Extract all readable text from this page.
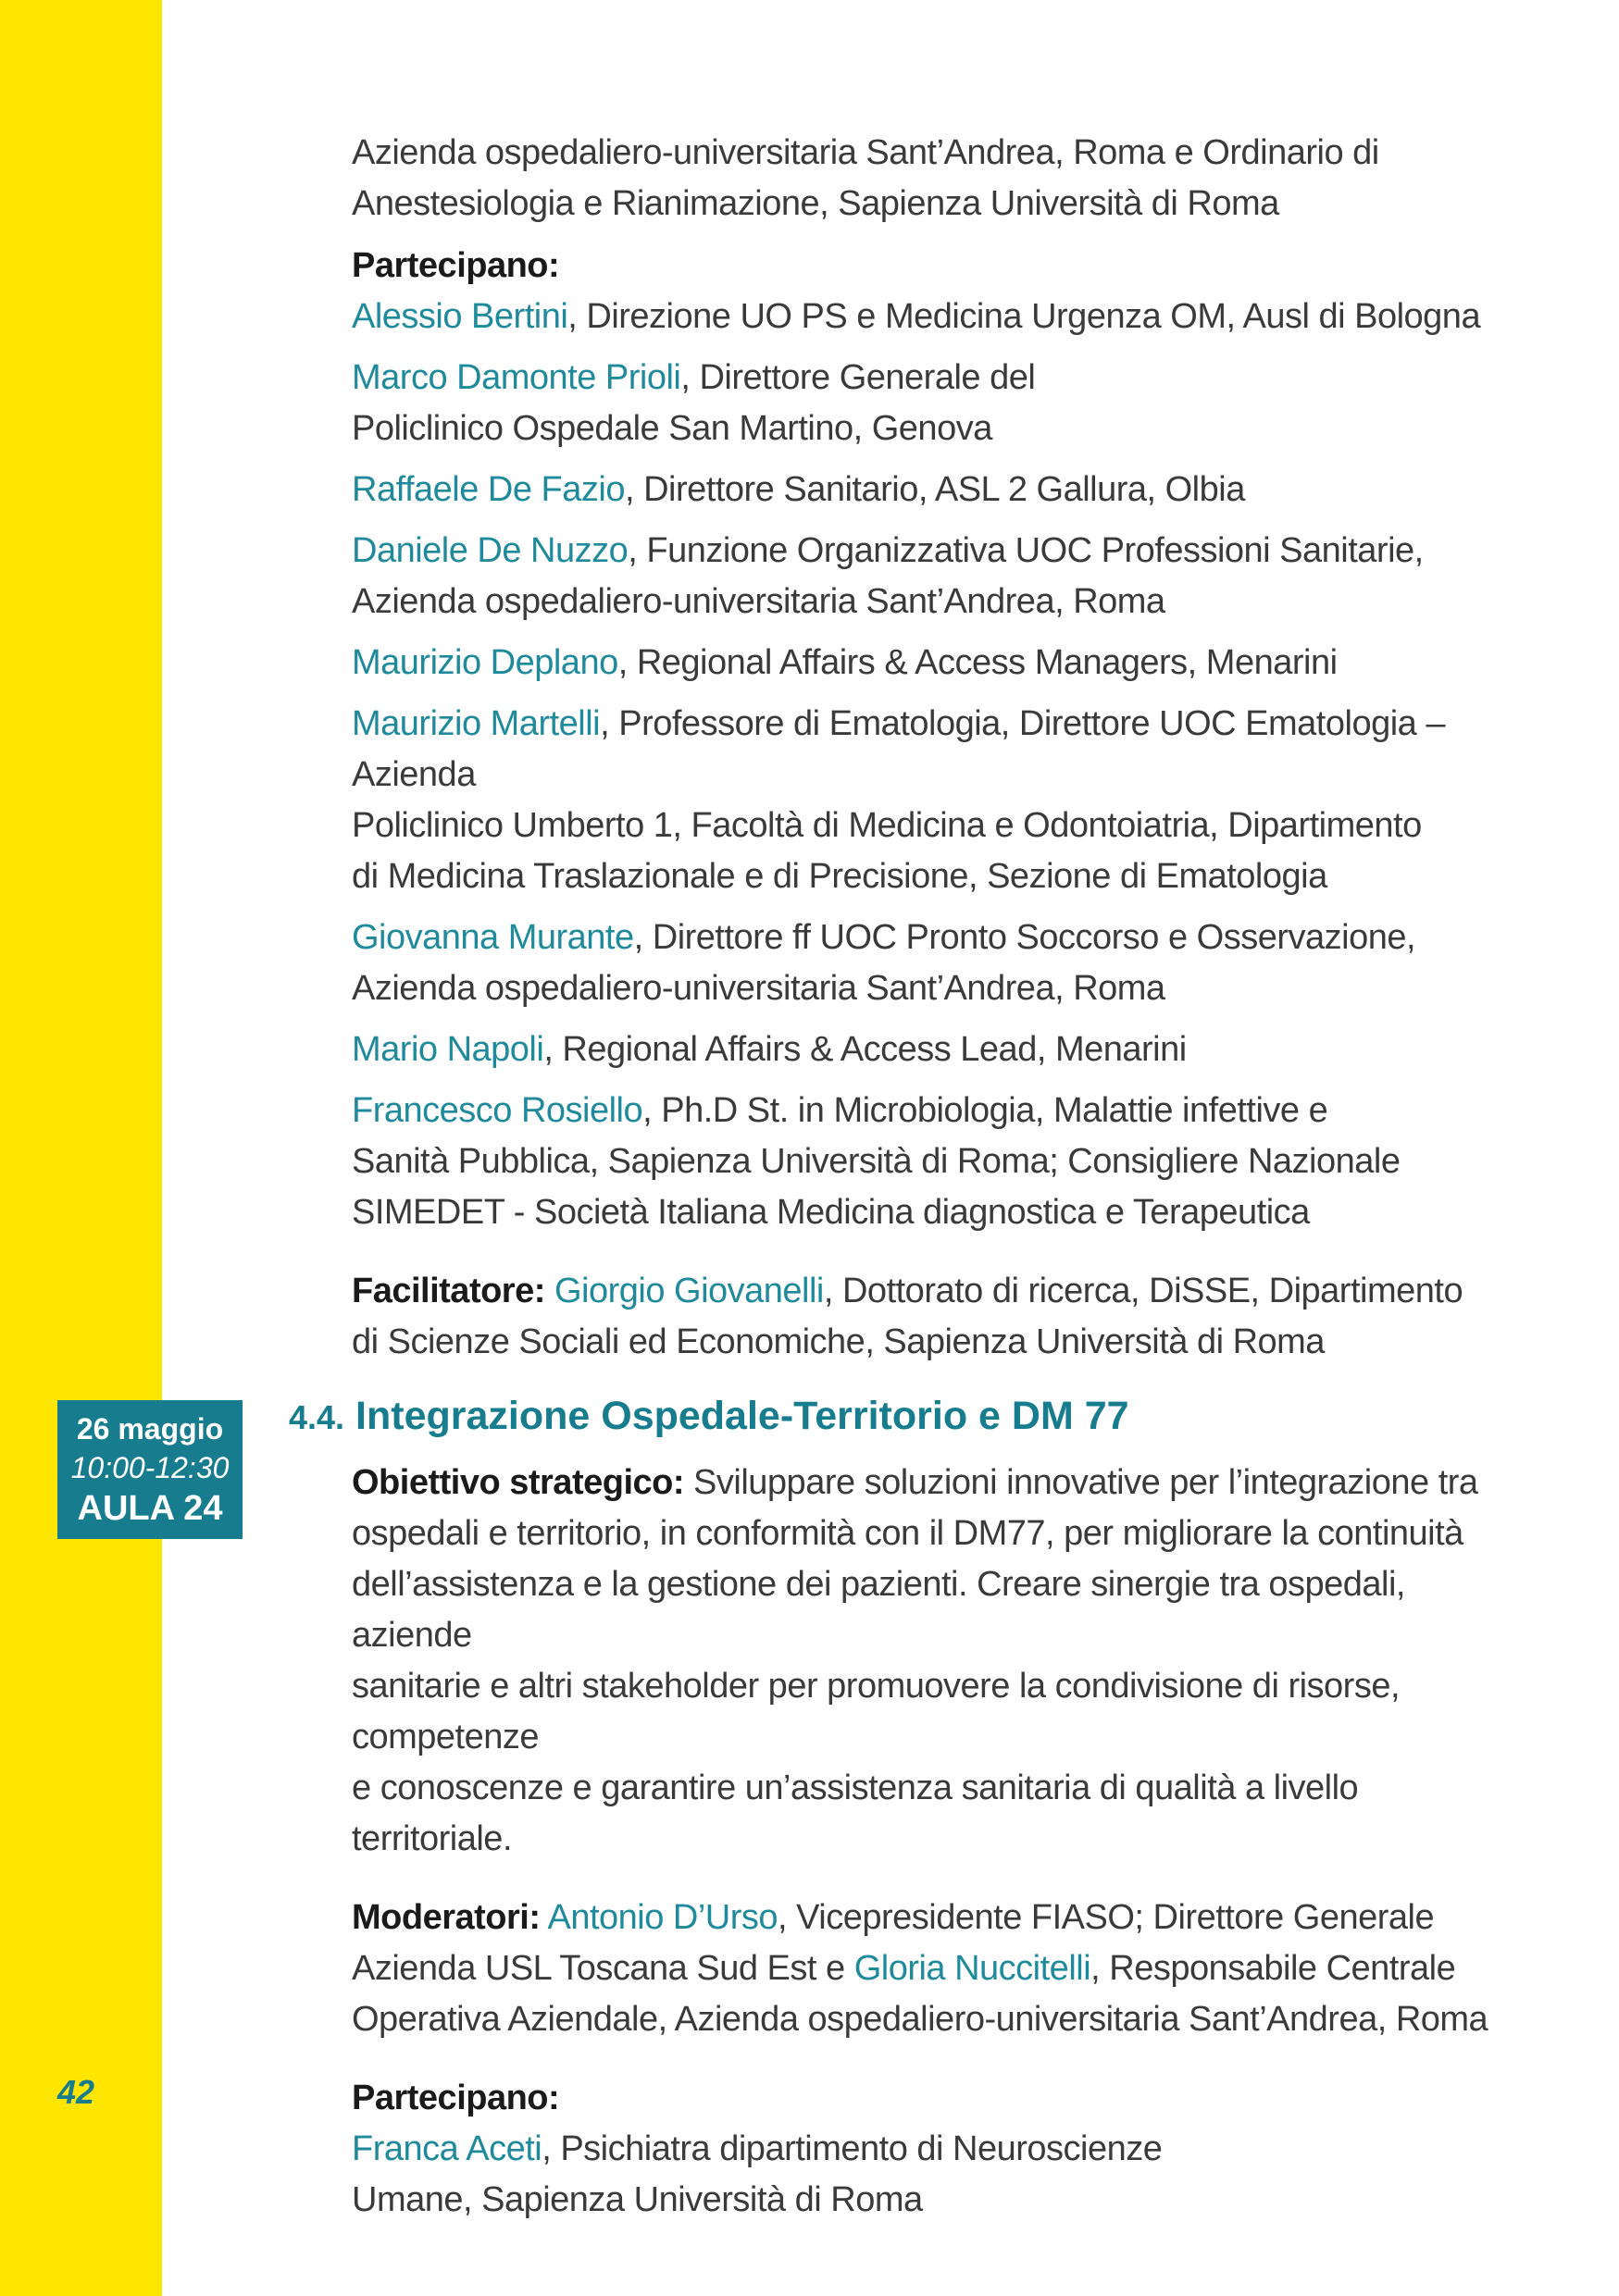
Azienda ospedaliero-universitaria Sant’Andrea, Roma e Ordinario di
Anestesiologia e Rianimazione, Sapienza Università di Roma

Partecipano:
Alessio Bertini, Direzione UO PS e Medicina Urgenza OM, Ausl di Bologna
Marco Damonte Prioli, Direttore Generale del
Policlinico Ospedale San Martino, Genova
Raffaele De Fazio, Direttore Sanitario, ASL 2 Gallura, Olbia
Daniele De Nuzzo, Funzione Organizzativa UOC Professioni Sanitarie,
Azienda ospedaliero-universitaria Sant’Andrea, Roma
Maurizio Deplano, Regional Affairs & Access Managers, Menarini
Maurizio Martelli, Professore di Ematologia, Direttore UOC Ematologia – Azienda
Policlinico Umberto 1, Facoltà di Medicina e Odontoiatria, Dipartimento
di Medicina Traslazionale e di Precisione, Sezione di Ematologia
Giovanna Murante, Direttore ff UOC Pronto Soccorso e Osservazione,
Azienda ospedaliero-universitaria Sant’Andrea, Roma
Mario Napoli, Regional Affairs & Access Lead, Menarini
Francesco Rosiello, Ph.D St. in Microbiologia, Malattie infettive e
Sanità Pubblica, Sapienza Università di Roma; Consigliere Nazionale
SIMEDET - Società Italiana Medicina diagnostica e Terapeutica

Facilitatore: Giorgio Giovanelli, Dottorato di ricerca, DiSSE, Dipartimento
di Scienze Sociali ed Economiche, Sapienza Università di Roma

26 maggio
10:00-12:30
AULA 24
4.4. Integrazione Ospedale-Territorio e DM 77

Obiettivo strategico: Sviluppare soluzioni innovative per l’integrazione tra
ospedali e territorio, in conformità con il DM77, per migliorare la continuità
dell’assistenza e la gestione dei pazienti. Creare sinergie tra ospedali, aziende
sanitarie e altri stakeholder per promuovere la condivisione di risorse, competenze
e conoscenze e garantire un’assistenza sanitaria di qualità a livello territoriale.

Moderatori: Antonio D’Urso, Vicepresidente FIASO; Direttore Generale
Azienda USL Toscana Sud Est e Gloria Nuccitelli, Responsabile Centrale
Operativa Aziendale, Azienda ospedaliero-universitaria Sant’Andrea, Roma

Partecipano:
Franca Aceti, Psichiatra dipartimento di Neuroscienze
Umane, Sapienza Università di Roma
42
